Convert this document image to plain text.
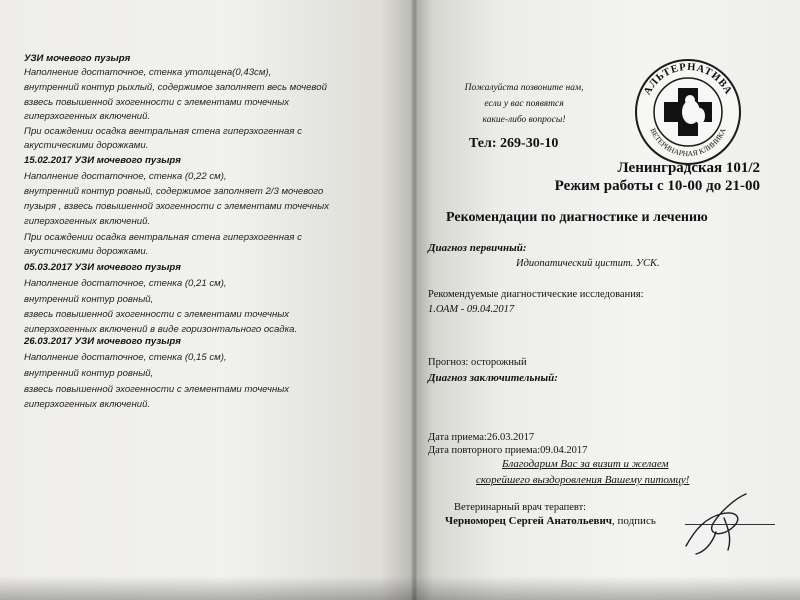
УЗИ мочевого пузыря

Наполнение достаточное, стенка утолщена(0,43см),

внутренний контур рыхлый, содержимое заполняет весь мочевой

взвесь повышенной эхогенности с элементами точечных

гиперэхогенных включений.

При осаждении осадка вентральная стена гиперэхогенная с

акустическими дорожками.

15.02.2017 УЗИ мочевого пузыря

Наполнение достаточное, стенка (0,22 см),

внутренний контур ровный, содержимое заполняет 2/3 мочевого

пузыря , взвесь повышенной эхогенности с элементами точечных

гиперэхогенных включений.

При осаждении осадка вентральная стена гиперэхогенная с

акустическими дорожками.

05.03.2017 УЗИ мочевого пузыря

Наполнение достаточное, стенка (0,21 см),

внутренний контур ровный,

взвесь повышенной эхогенности с элементами точечных

гиперэхогенных включений в виде горизонтального осадка.

26.03.2017 УЗИ мочевого пузыря

Наполнение достаточное, стенка (0,15 см),

внутренний контур ровный,

взвесь повышенной эхогенности с элементами точечных

гиперэхогенных включений.

Пожалуйста позвоните нам,

если у вас появятся

какие-либо вопросы!

Тел: 269-30-10

АЛЬТЕРНАТИВА
ВЕТЕРИНАРНАЯ КЛИНИКА

Ленинградская 101/2

Режим работы с 10-00 до 21-00

Рекомендации по диагностике и лечению

Диагноз первичный:

Идиопатический цистит. УСК.

Рекомендуемые диагностические исследования:

1.ОАМ - 09.04.2017

Прогноз: осторожный

Диагноз заключительный:

Дата приема:26.03.2017

Дата повторного приема:09.04.2017

Благодарим Вас за визит и желаем

скорейшего выздоровления Вашему питомцу!

Ветеринарный врач терапевт:

Черноморец Сергей Анатольевич, подпись
